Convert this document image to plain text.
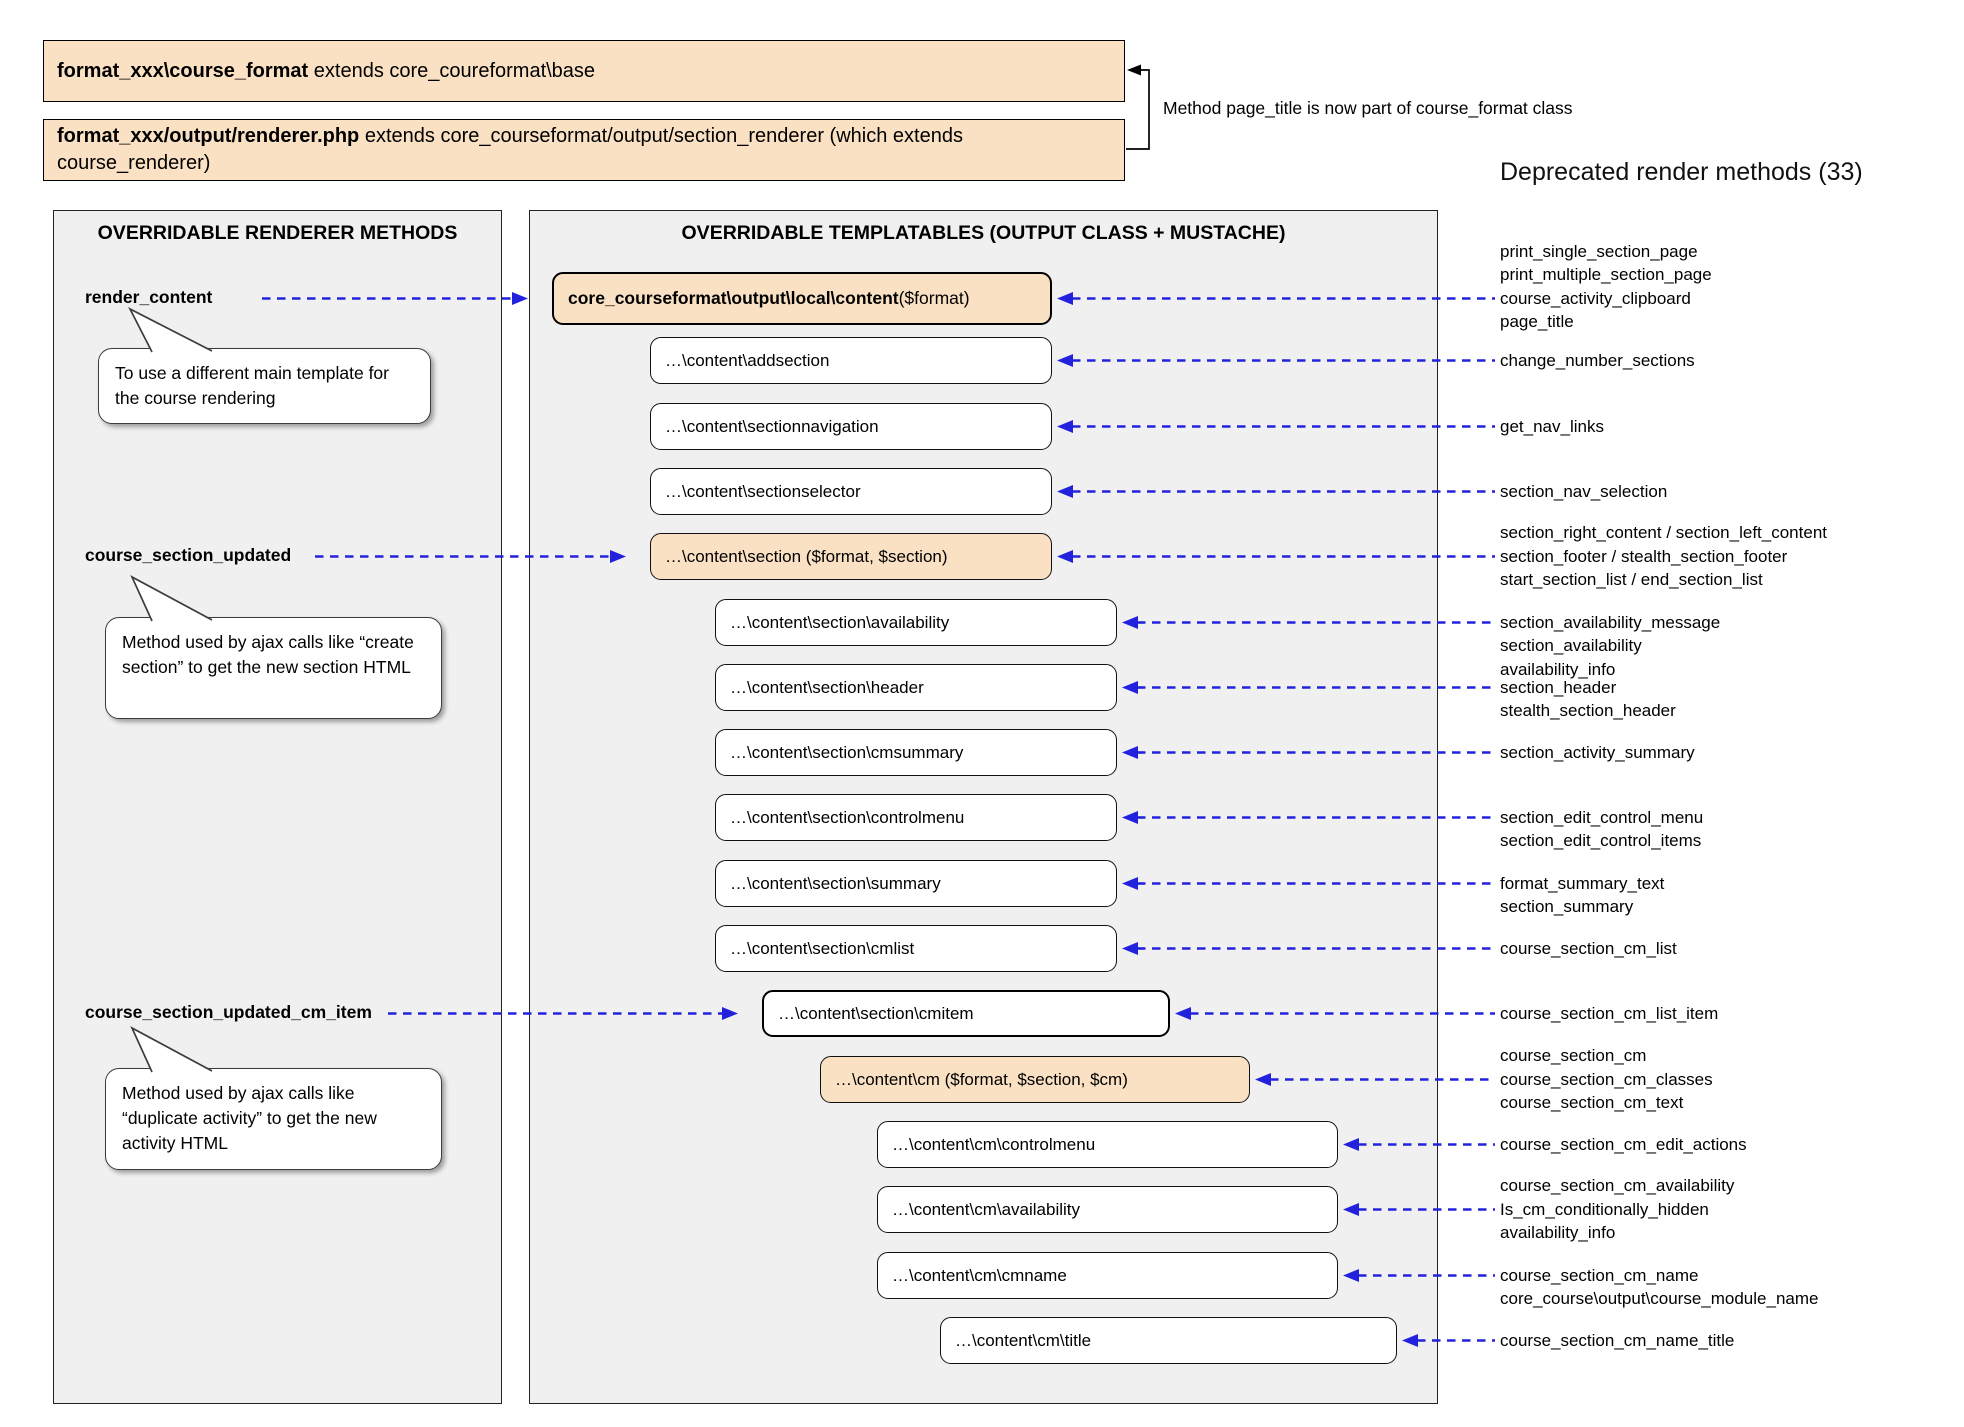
format_xxx\course_format extends core_coureformat\base
format_xxx/output/renderer.php extends core_courseformat/output/section_renderer (which extends course_renderer)
Method page_title is now part of course_format class
Deprecated render methods (33)
OVERRIDABLE RENDERER METHODS	OVERRIDABLE TEMPLATABLES (OUTPUT CLASS + MUSTACHE)
core_courseformat\output\local\content ($format)
…\content\addsection
…\content\sectionnavigation
…\content\sectionselector
…\content\section ($format, $section)
…\content\section\availability
…\content\section\header
…\content\section\cmsummary
…\content\section\controlmenu
…\content\section\summary
…\content\section\cmlist
…\content\section\cmitem
…\content\cm ($format, $section, $cm)
…\content\cm\controlmenu
…\content\cm\availability
…\content\cm\cmname
…\content\cm\title
print_single_section_page
print_multiple_section_page
course_activity_clipboard
page_title
change_number_sections
get_nav_links
section_nav_selection
section_right_content / section_left_content
section_footer / stealth_section_footer
start_section_list / end_section_list
section_availability_message
section_availability
availability_info
section_header
stealth_section_header
section_activity_summary
section_edit_control_menu
section_edit_control_items
format_summary_text
section_summary
course_section_cm_list
course_section_cm_list_item
course_section_cm
course_section_cm_classes
course_section_cm_text
course_section_cm_edit_actions
course_section_cm_availability
Is_cm_conditionally_hidden
availability_info
course_section_cm_name
core_course\output\course_module_name
course_section_cm_name_title
render_content
To use a different main template for the course rendering
course_section_updated
Method used by ajax calls like “create section” to get the new section HTML
course_section_updated_cm_item
Method used by ajax calls like “duplicate activity” to get the new activity HTML
